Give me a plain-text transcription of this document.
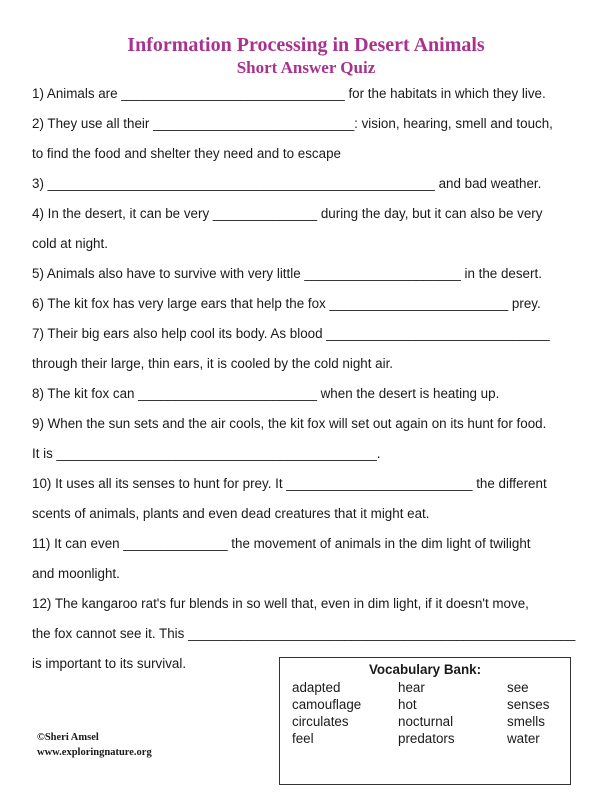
Information Processing in Desert Animals
Short Answer Quiz
1) Animals are ______________________________ for the habitats in which they live.
2) They use all their ___________________________: vision, hearing, smell and touch,
to find the food and shelter they need and to escape
3) ____________________________________________________ and bad weather.
4) In the desert, it can be very ______________ during the day, but it can also be very
cold at night.
5) Animals also have to survive with very little _____________________ in the desert.
6) The kit fox has very large ears that help the fox ________________________ prey.
7) Their big ears also help cool its body. As blood ______________________________
through their large, thin ears, it is cooled by the cold night air.
8) The kit fox can ________________________ when the desert is heating up.
9) When the sun sets and the air cools, the kit fox will set out again on its hunt for food.
It is ___________________________________________.
10) It uses all its senses to hunt for prey. It _________________________ the different
scents of animals, plants and even dead creatures that it might eat.
11) It can even ______________ the movement of animals in the dim light of twilight
and moonlight.
12) The kangaroo rat's fur blends in so well that, even in dim light, if it doesn't move,
the fox cannot see it. This ____________________________________________________
is important to its survival.	Vocabulary Bank:
adapted
camouflage
circulates
feel
hear
hot
nocturnal
predators
see
senses
smells
water
©Sheri Amsel
www.exploringnature.org
